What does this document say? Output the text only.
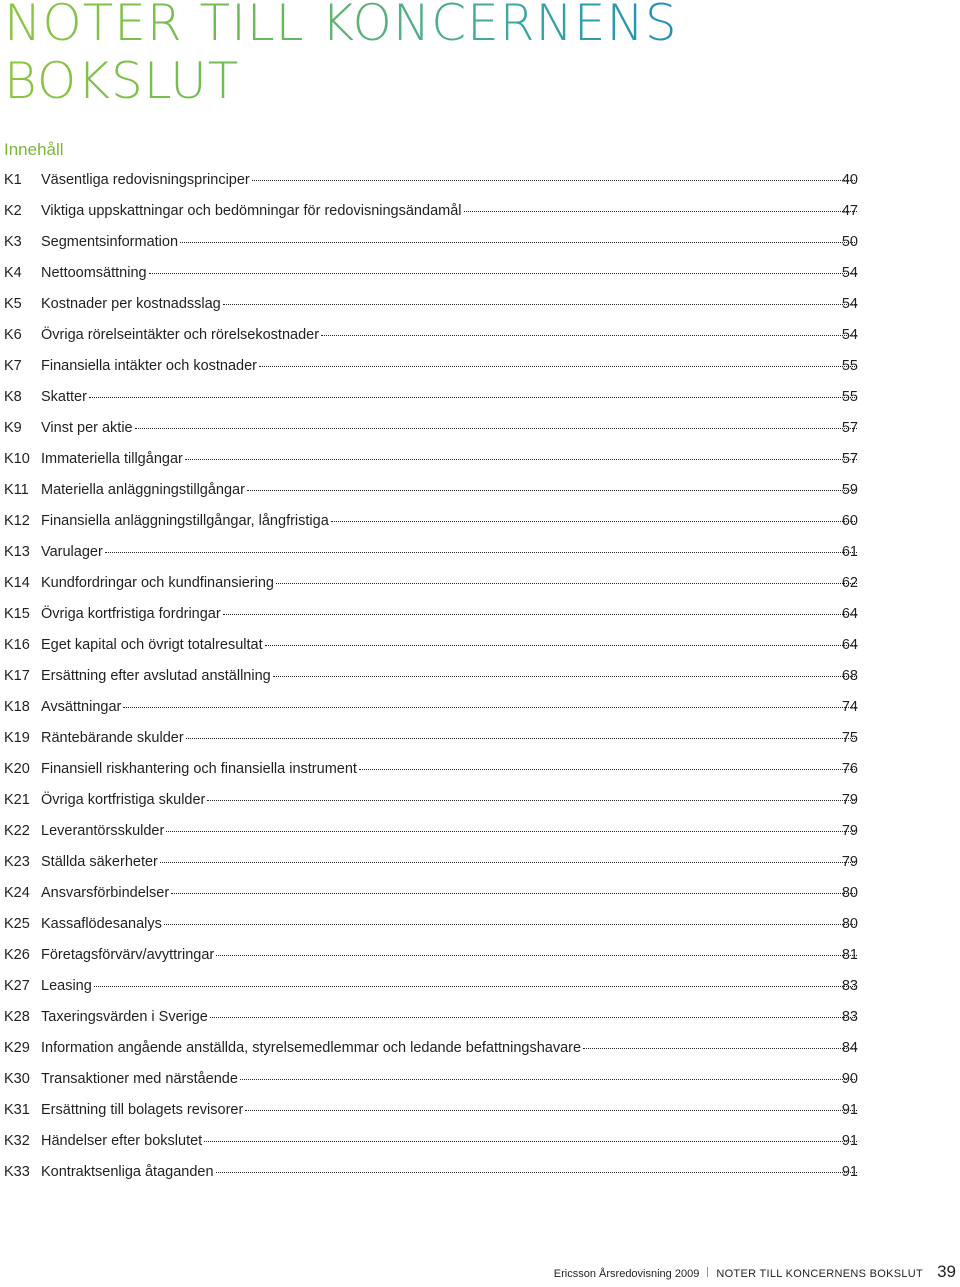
NOTER TILL KONCERNENS
BOKSLUT
Innehåll
K1	Väsentliga redovisningsprinciper	40
K2	Viktiga uppskattningar och bedömningar för redovisningsändamål	47
K3	Segmentsinformation	50
K4	Nettoomsättning	54
K5	Kostnader per kostnadsslag	54
K6	Övriga rörelseintäkter och rörelsekostnader	54
K7	Finansiella intäkter och kostnader	55
K8	Skatter	55
K9	Vinst per aktie	57
K10 Immateriella tillgångar	57
K11 Materiella anläggningstillgångar	59
K12 Finansiella anläggningstillgångar, långfristiga	60
K13 Varulager	61
K14 Kundfordringar och kundfinansiering	62
K15 Övriga kortfristiga fordringar	64
K16 Eget kapital och övrigt totalresultat	64
K17 Ersättning efter avslutad anställning	68
K18 Avsättningar	74
K19 Räntebärande skulder	75
K20 Finansiell riskhantering och finansiella instrument	76
K21 Övriga kortfristiga skulder	79
K22 Leverantörsskulder	79
K23 Ställda säkerheter	79
K24 Ansvarsförbindelser	80
K25 Kassaflödesanalys	80
K26 Företagsförvärv/avyttringar	81
K27 Leasing	83
K28 Taxeringsvärden i Sverige	83
K29 Information angående anställda, styrelsemedlemmar och ledande befattningshavare	84
K30 Transaktioner med närstående	90
K31 Ersättning till bolagets revisorer	91
K32 Händelser efter bokslutet	91
K33 Kontraktsenliga åtaganden	91
Ericsson Årsredovisning 2009 NOTER TILL KONCERNENS BOKSLUT 39
